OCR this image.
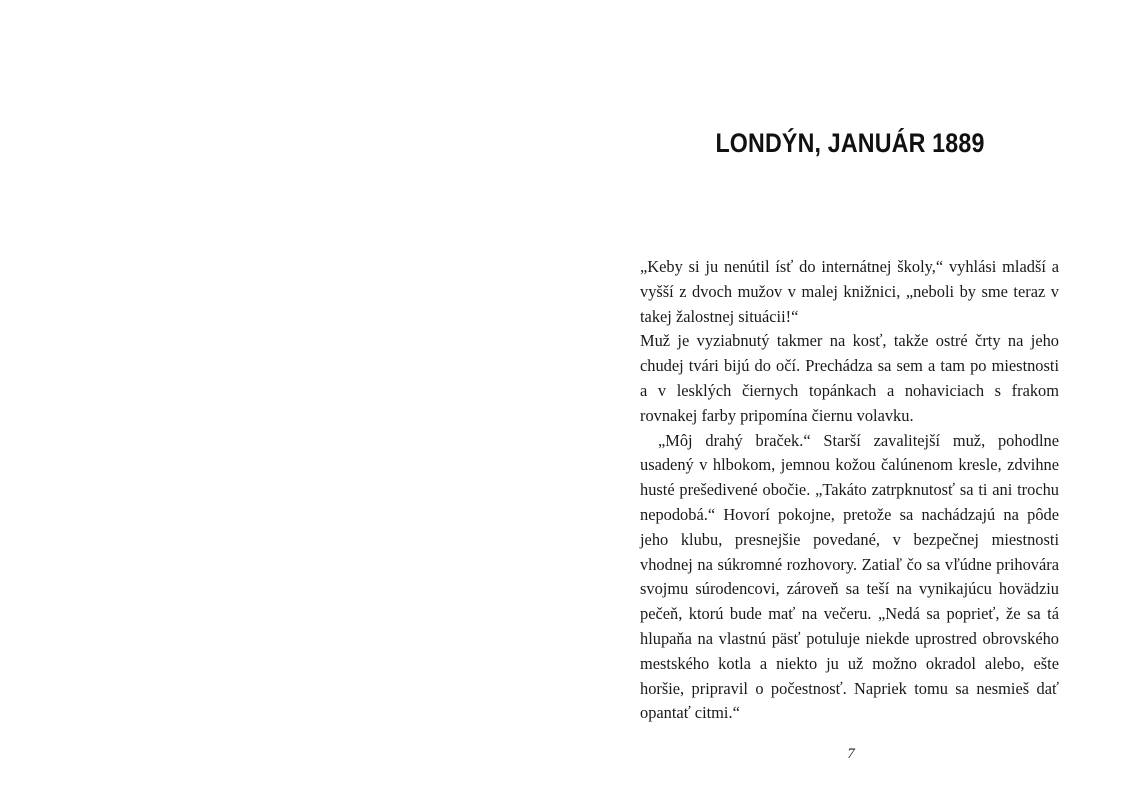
LONDÝN, JANUÁR 1889

„Keby si ju nenútil ísť do internátnej školy,“ vyhlási mladší a vyšší z dvoch mužov v malej knižnici, „neboli by sme teraz v takej žalostnej situácii!“

Muž je vyziabnutý takmer na kosť, takže ostré črty na jeho chudej tvári bijú do očí. Prechádza sa sem a tam po miestnosti a v lesklých čiernych topánkach a nohaviciach s frakom rovnakej farby pripomína čiernu volavku.

„Môj drahý braček.“ Starší zavalitejší muž, pohodlne usadený v hlbokom, jemnou kožou čalúnenom kresle, zdvihne husté prešedivené obočie. „Takáto zatrpknutosť sa ti ani trochu nepodobá.“ Hovorí pokojne, pretože sa nachádzajú na pôde jeho klubu, presnejšie povedané, v bezpečnej miestnosti vhodnej na súkromné rozhovory. Zatiaľ čo sa vľúdne prihovára svojmu súrodencovi, zároveň sa teší na vynikajúcu hovädziu pečeň, ktorú bude mať na večeru. „Nedá sa poprieť, že sa tá hlupaňa na vlastnú päsť potuluje niekde uprostred obrovského mestského kotla a niekto ju už možno okradol alebo, ešte horšie, pripravil o počestnosť. Napriek tomu sa nesmieš dať opantať citmi.“

7
